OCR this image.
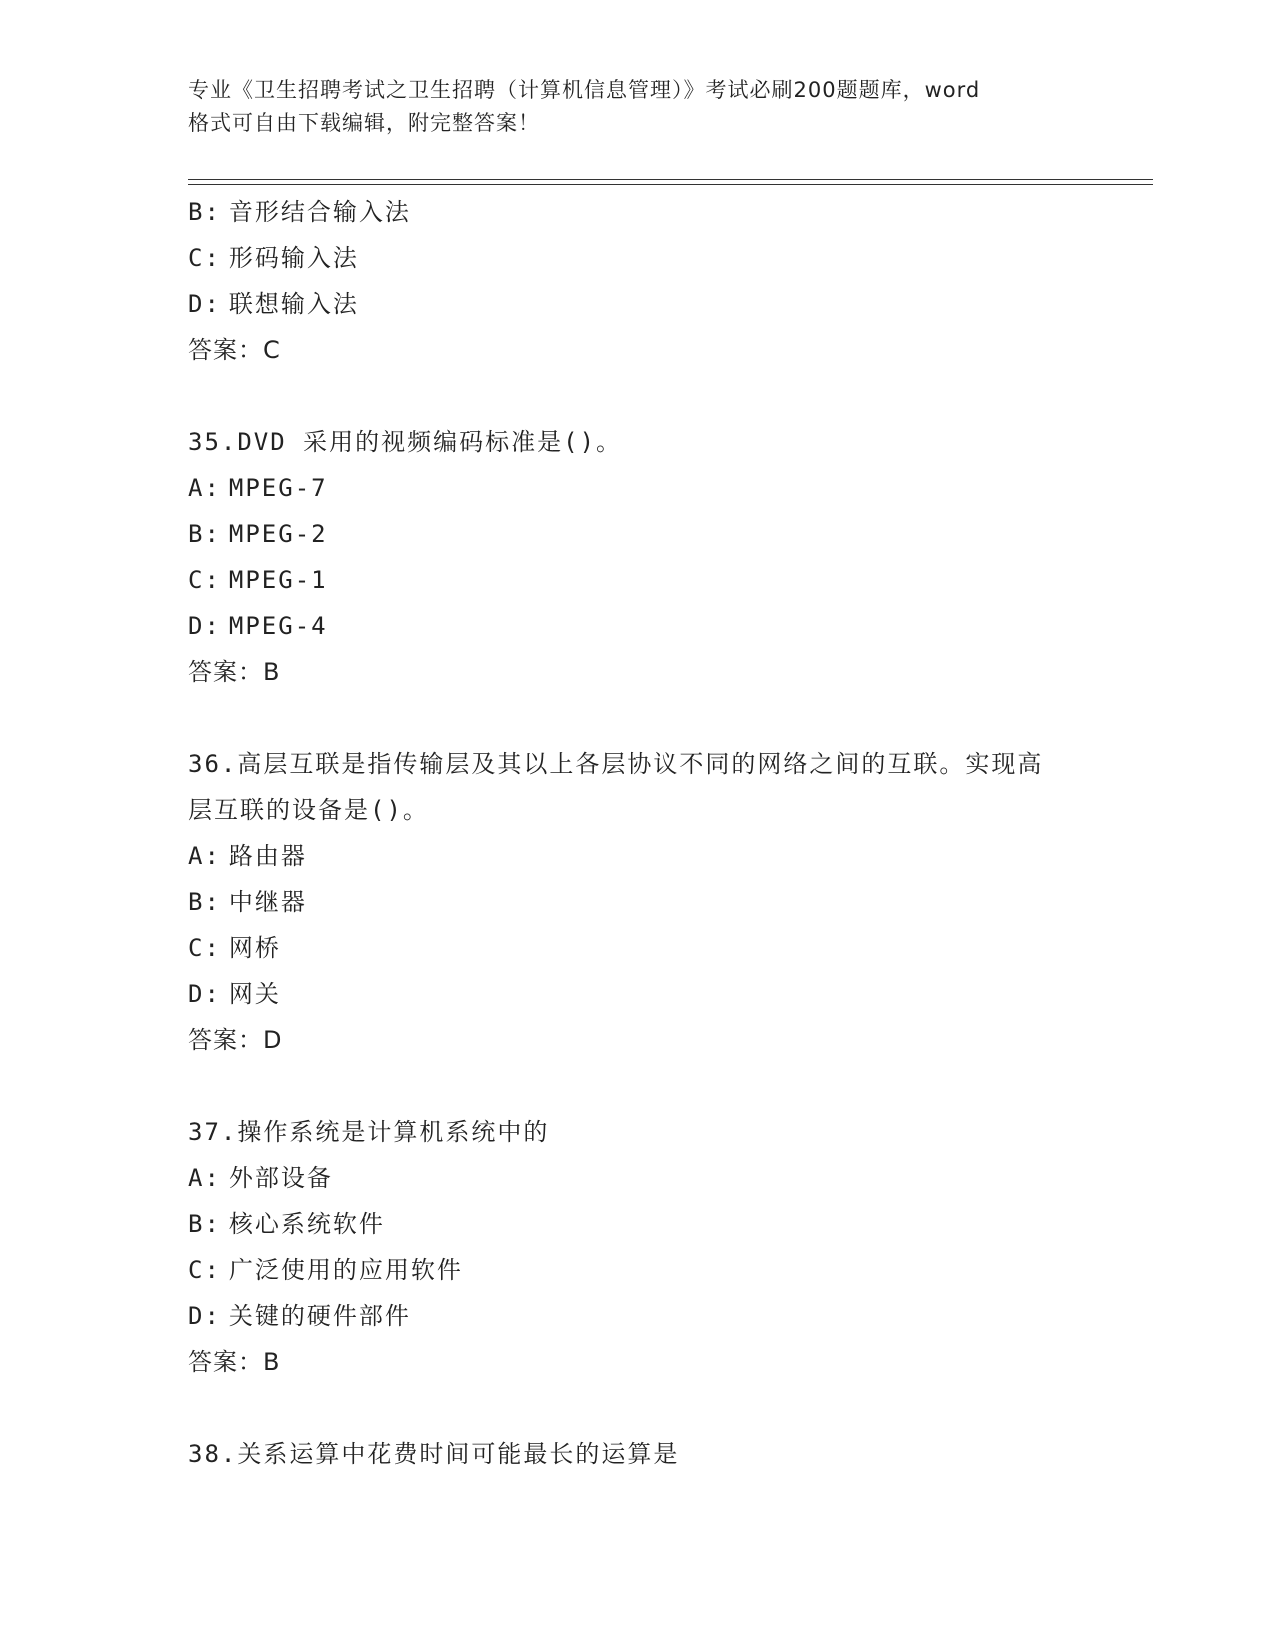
专业《卫生招聘考试之卫生招聘（计算机信息管理）》考试必刷200题题库，word
格式可自由下载编辑，附完整答案！
B: 音形结合输入法
C: 形码输入法
D: 联想输入法
答案：C
35.DVD 采用的视频编码标准是()。
A: MPEG-7
B: MPEG-2
C: MPEG-1
D: MPEG-4
答案：B
36.高层互联是指传输层及其以上各层协议不同的网络之间的互联。实现高层互联的设备是()。
A: 路由器
B: 中继器
C: 网桥
D: 网关
答案：D
37.操作系统是计算机系统中的
A: 外部设备
B: 核心系统软件
C: 广泛使用的应用软件
D: 关键的硬件部件
答案：B
38.关系运算中花费时间可能最长的运算是
